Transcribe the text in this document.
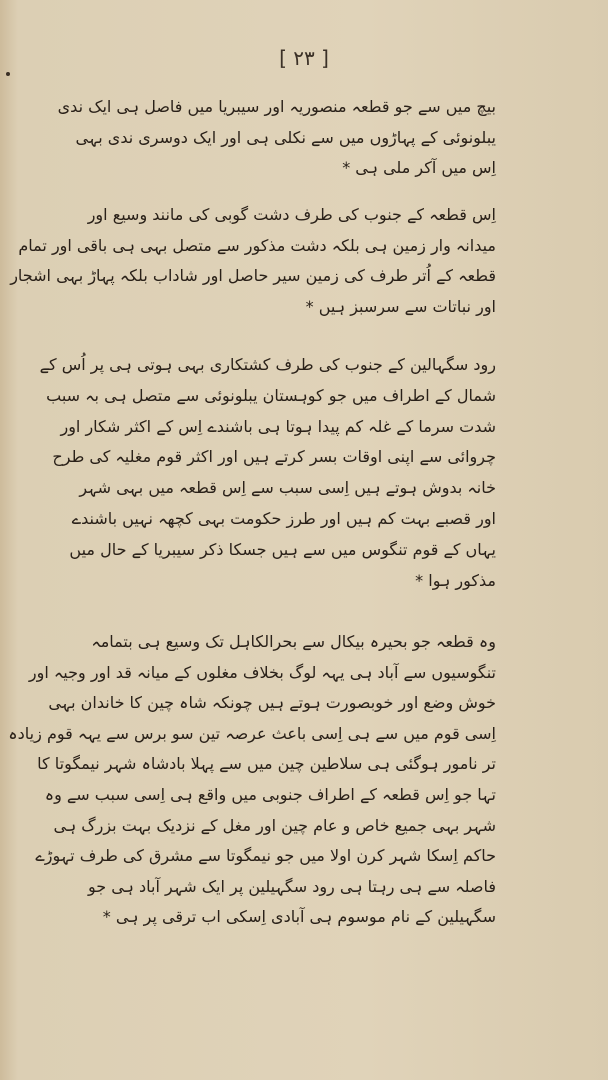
[ ٢٣ ]
بیچ میں سے جو قطعہ منصوریہ اور سیبریا میں فاصل ہی ایک ندی
یبلونوئی کے پہاڑوں میں سے نکلی ہی اور ایک دوسری ندی بہی
اِس میں آکر ملی ہی *
اِس قطعہ کے جنوب کی طرف دشت گوبی کی مانند وسیع اور
میدانہ وار زمین ہی بلکہ دشت مذکور سے متصل بہی ہی باقی اور تمام
قطعہ کے اُتر طرف کی زمین سیر حاصل اور شاداب بلکہ پہاڑ بہی اشجار
اور نباتات سے سرسبز ہیں *
رود سگہالین کے جنوب کی طرف کشتکاری بہی ہوتی ہی پر اُس کے
شمال کے اطراف میں جو کوہستان یبلونوئی سے متصل ہی بہ سبب
شدت سرما کے غلہ کم پیدا ہوتا ہی باشندے اِس کے اکثر شکار اور
چروائی سے اپنی اوقات بسر کرتے ہیں اور اکثر قوم مغلیہ کی طرح
خانہ بدوش ہوتے ہیں اِسی سبب سے اِس قطعہ میں بہی شہر
اور قصبے بہت کم ہیں اور طرز حکومت بہی کچھہ نہیں باشندے
یہاں کے قوم تنگوس میں سے ہیں جسکا ذکر سیبریا کے حال میں
مذکور ہوا *
وہ قطعہ جو بحیرہ بیکال سے بحرالکاہل تک وسیع ہی بتمامہ
تنگوسیوں سے آباد ہی یہہ لوگ بخلاف مغلوں کے میانہ قد اور وجیہ اور
خوش وضع اور خوبصورت ہوتے ہیں چونکہ شاہ چین کا خاندان بہی
اِسی قوم میں سے ہی اِسی باعث عرصہ تین سو برس سے یہہ قوم زیادہ
تر نامور ہوگئی ہی سلاطین چین میں سے پہلا بادشاہ شہر نیمگوتا کا
تہا جو اِس قطعہ کے اطراف جنوبی میں واقع ہی اِسی سبب سے وہ
شہر بہی جمیع خاص و عام چین اور مغل کے نزدیک بہت بزرگ ہی
حاکم اِسکا شہر کرن اولا میں جو نیمگوتا سے مشرق کی طرف تہوڑے
فاصلہ سے ہی رہتا ہی رود سگہیلین پر ایک شہر آباد ہی جو
سگہیلین کے نام موسوم ہی آبادی اِسکی اب ترقی پر ہی *
